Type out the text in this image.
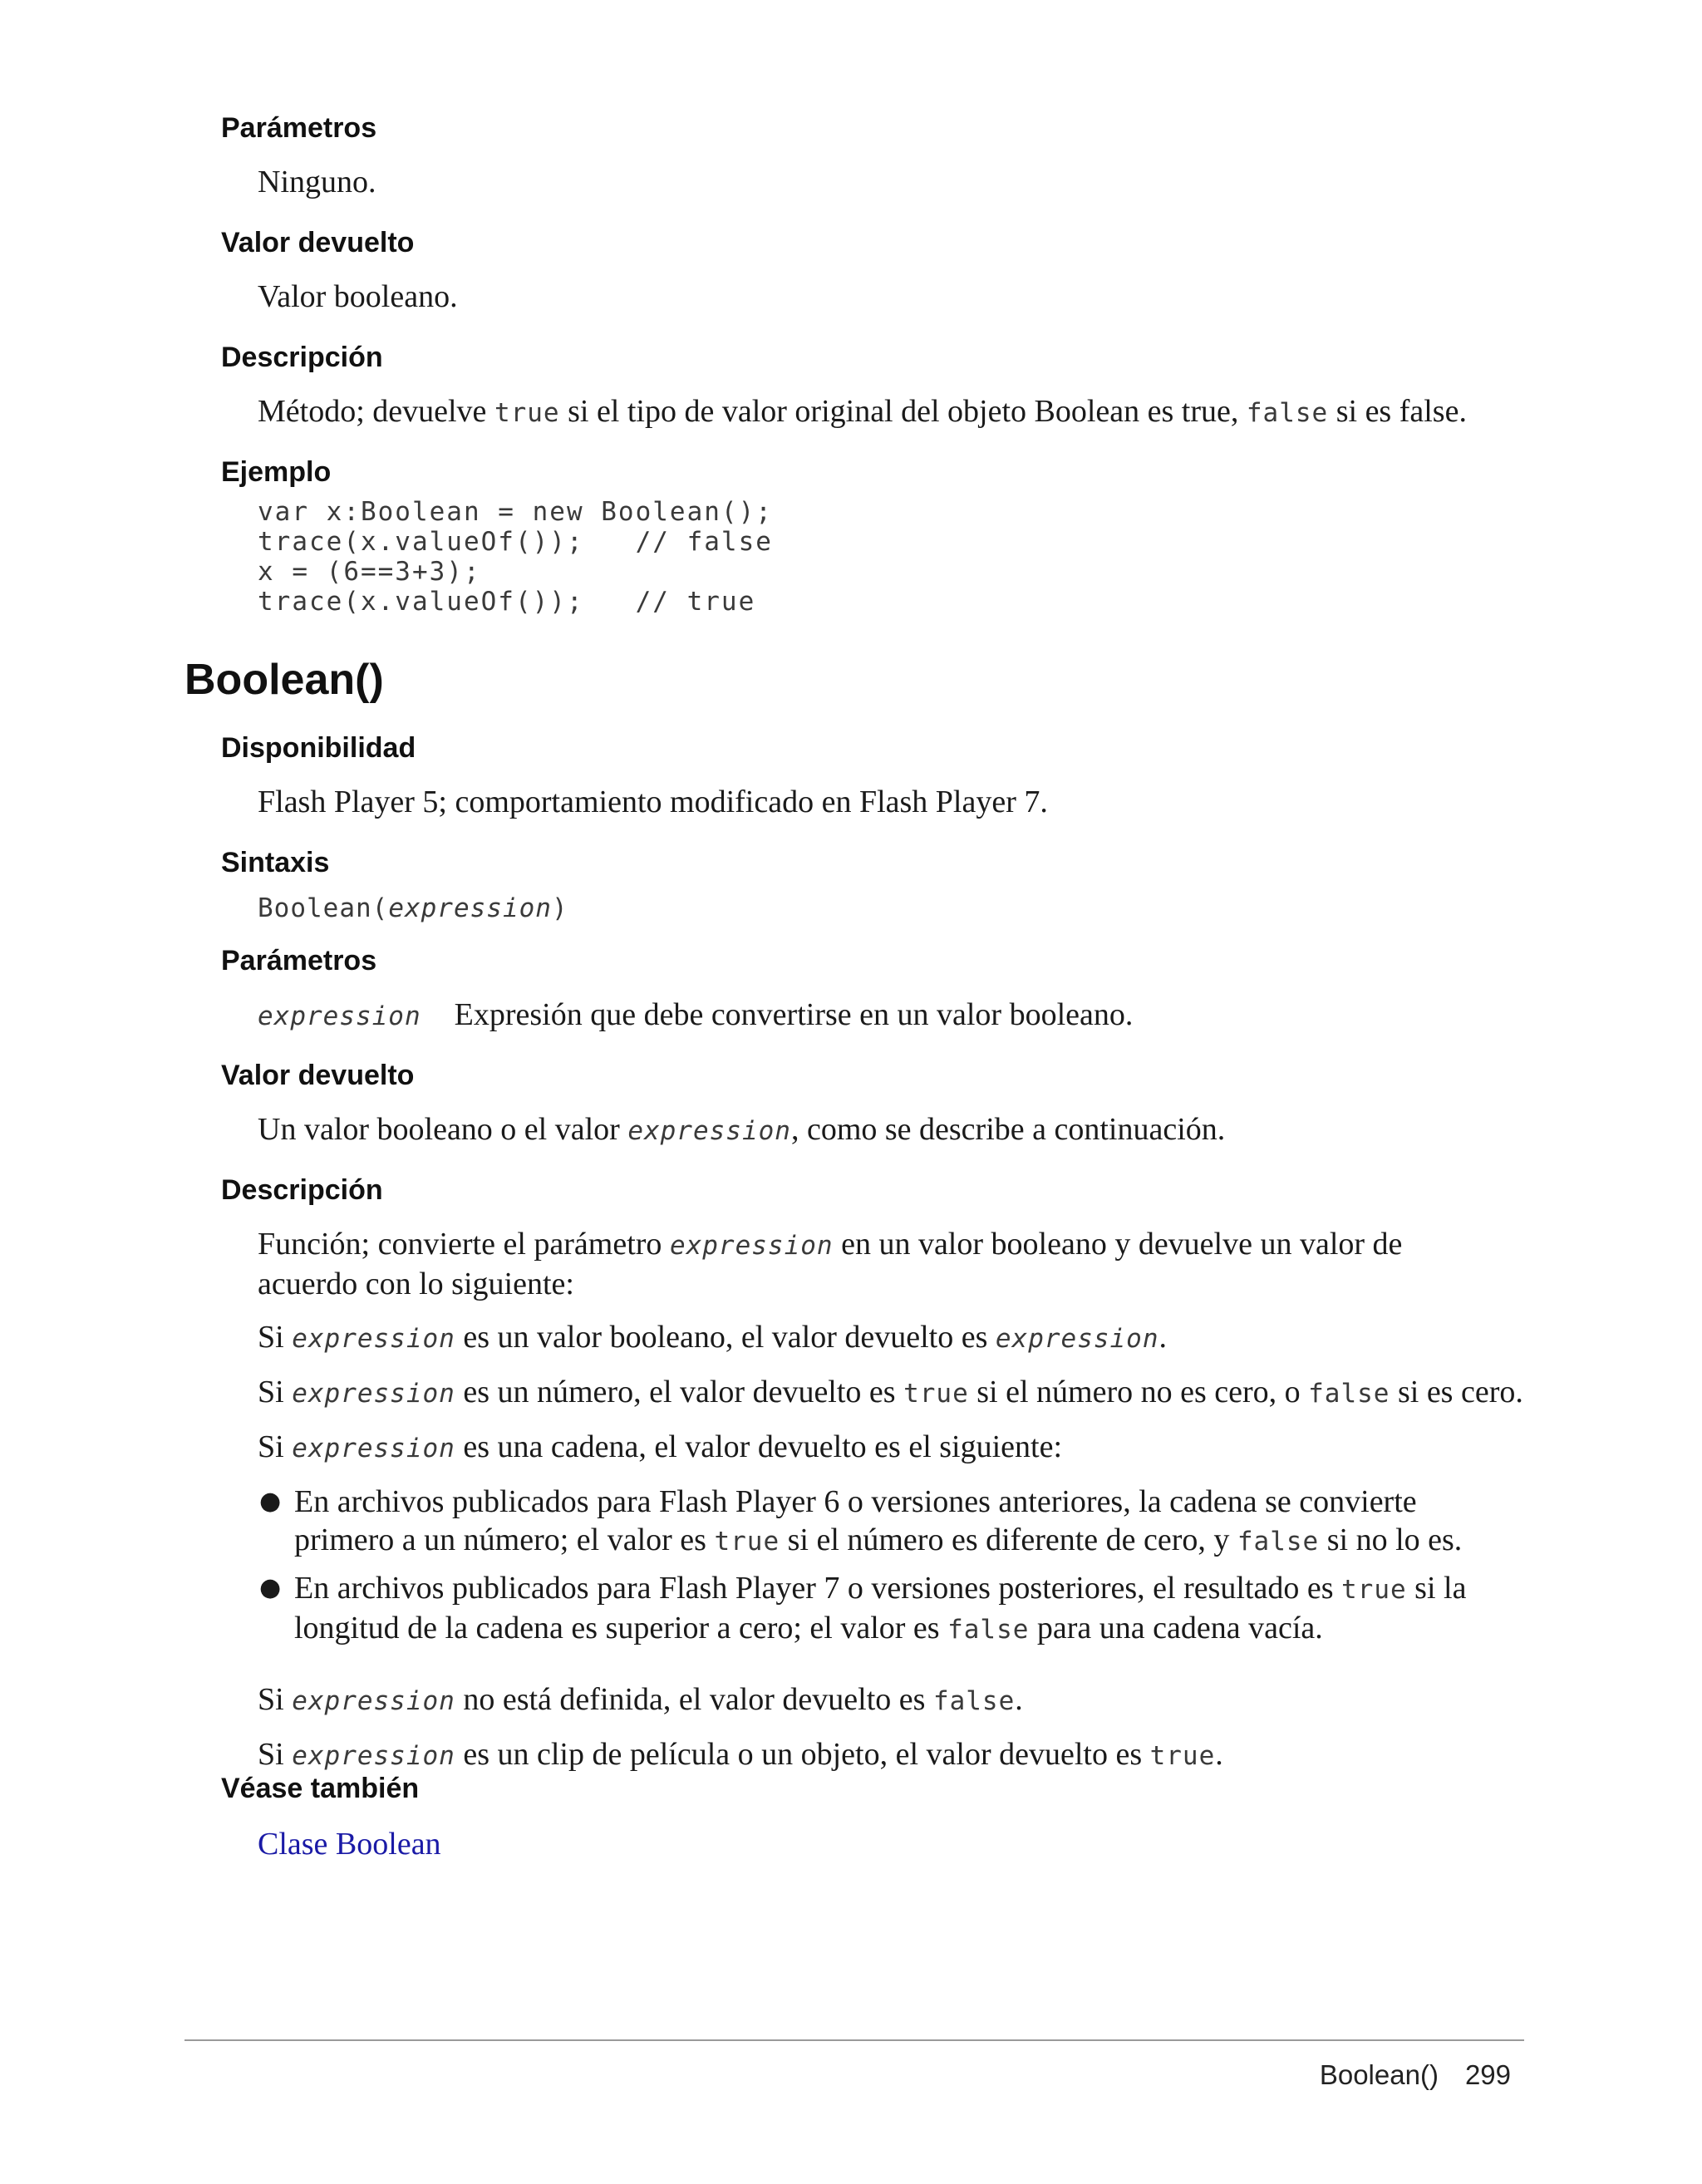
Parámetros

Ninguno.

Valor devuelto

Valor booleano.

Descripción

Método; devuelve true si el tipo de valor original del objeto Boolean es true, false si es false.

Ejemplo
var x:Boolean = new Boolean();
trace(x.valueOf());   // false
x = (6==3+3);
trace(x.valueOf());   // true
Boolean()
Disponibilidad

Flash Player 5; comportamiento modificado en Flash Player 7.

Sintaxis

Boolean(expression)

Parámetros

expression Expresión que debe convertirse en un valor booleano.

Valor devuelto

Un valor booleano o el valor expression, como se describe a continuación.

Descripción

Función; convierte el parámetro expression en un valor booleano y devuelve un valor de acuerdo con lo siguiente:

Si expression es un valor booleano, el valor devuelto es expression.

Si expression es un número, el valor devuelto es true si el número no es cero, o false si es cero.

Si expression es una cadena, el valor devuelto es el siguiente:

● En archivos publicados para Flash Player 6 o versiones anteriores, la cadena se convierte primero a un número; el valor es true si el número es diferente de cero, y false si no lo es.
● En archivos publicados para Flash Player 7 o versiones posteriores, el resultado es true si la longitud de la cadena es superior a cero; el valor es false para una cadena vacía.

Si expression no está definida, el valor devuelto es false.

Si expression es un clip de película o un objeto, el valor devuelto es true.

Véase también

Clase Boolean

Boolean() 299
